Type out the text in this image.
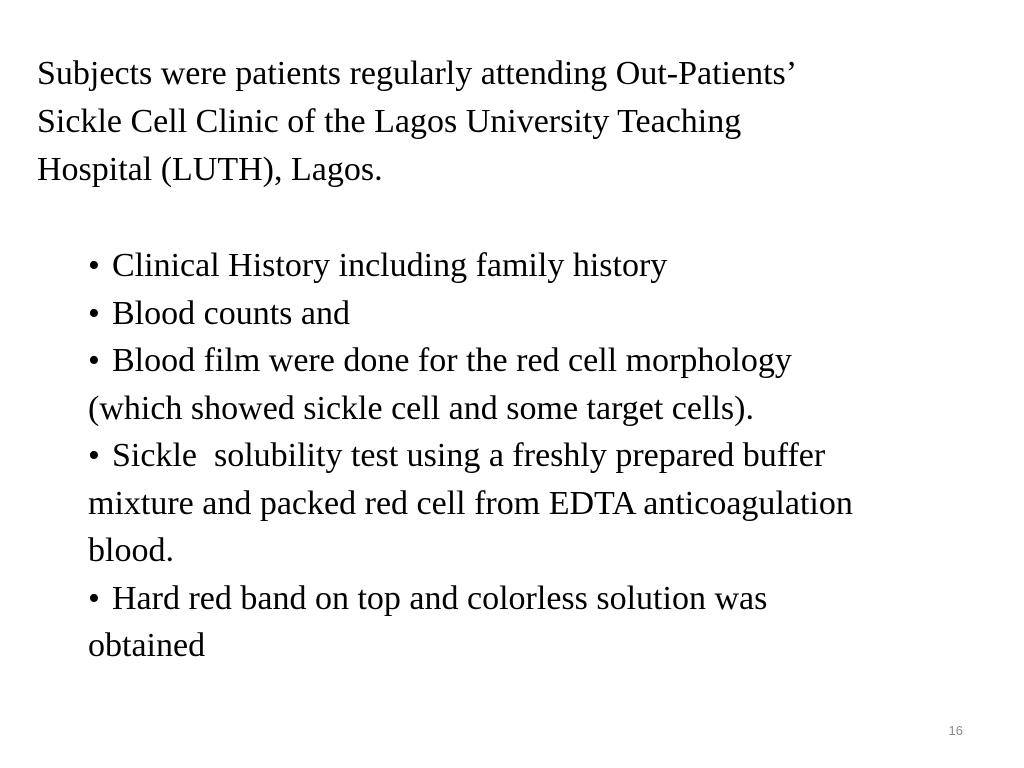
Subjects were patients regularly attending Out-Patients’
Sickle Cell Clinic of the Lagos University Teaching
Hospital (LUTH), Lagos.

• Clinical History including family history
• Blood counts and
• Blood film were done for the red cell morphology
(which showed sickle cell and some target cells).
• Sickle  solubility test using a freshly prepared buffer
mixture and packed red cell from EDTA anticoagulation
blood.
• Hard red band on top and colorless solution was
obtained
16
